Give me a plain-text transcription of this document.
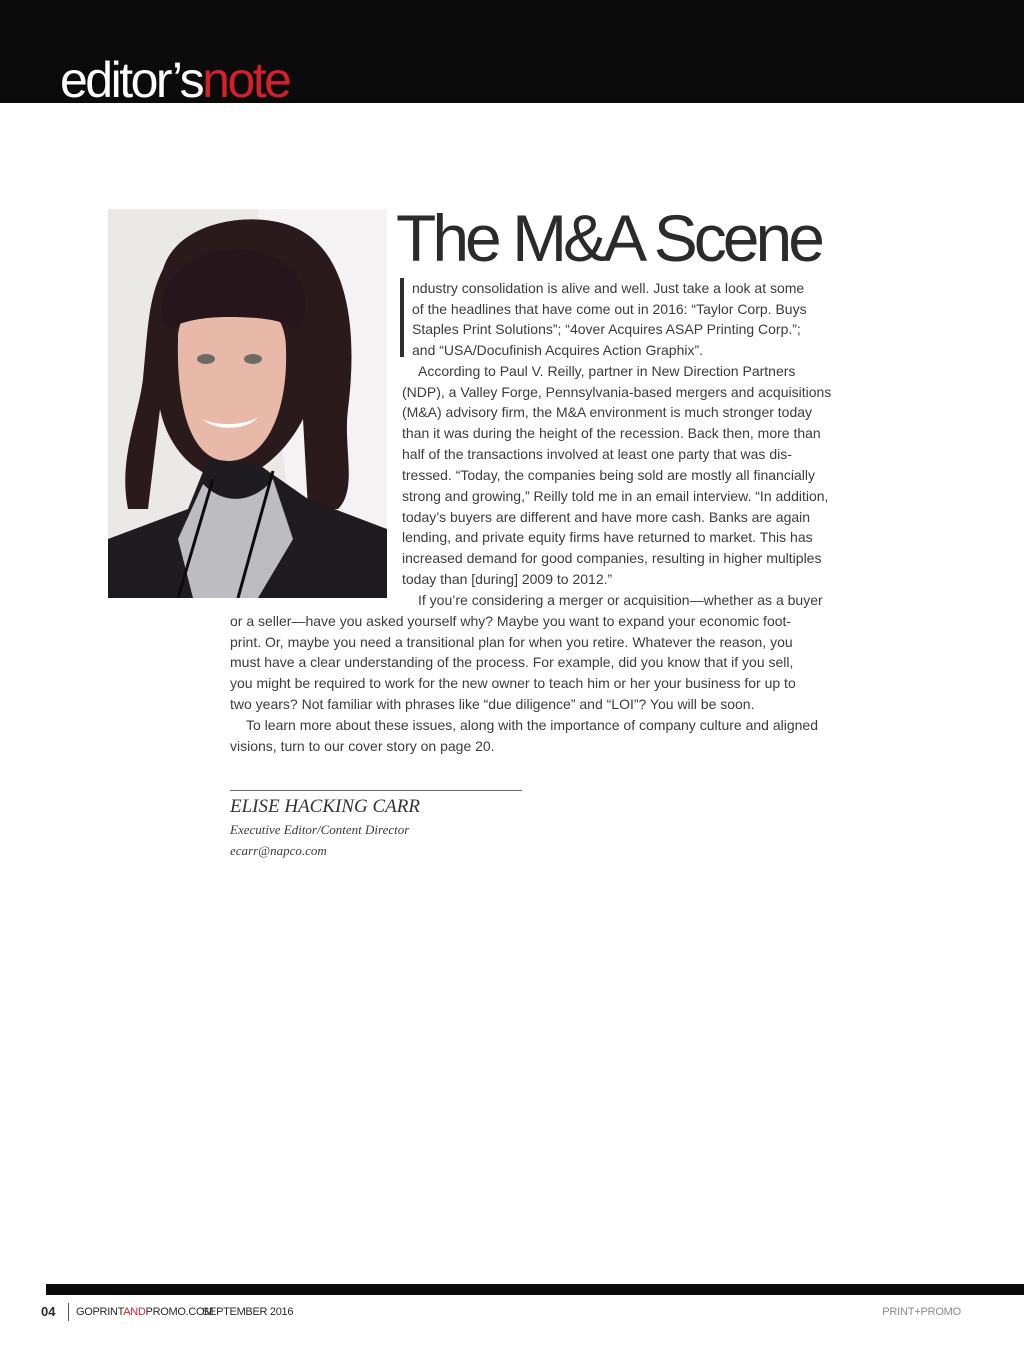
editor’snote
The M&A Scene

ndustry consolidation is alive and well. Just take a look at some

of the headlines that have come out in 2016: “Taylor Corp. Buys

Staples Print Solutions”; “4over Acquires ASAP Printing Corp.”;

and “USA/Docufinish Acquires Action Graphix”.

According to Paul V. Reilly, partner in New Direction Partners

(NDP), a Valley Forge, Pennsylvania-based mergers and acquisitions

(M&A) advisory firm, the M&A environment is much stronger today

than it was during the height of the recession. Back then, more than

half of the transactions involved at least one party that was dis-

tressed. “Today, the companies being sold are mostly all financially

strong and growing,” Reilly told me in an email interview. “In addition,

today’s buyers are different and have more cash. Banks are again

lending, and private equity firms have returned to market. This has

increased demand for good companies, resulting in higher multiples

today than [during] 2009 to 2012.”

If you’re considering a merger or acquisition—whether as a buyer

or a seller—have you asked yourself why? Maybe you want to expand your economic foot-

print. Or, maybe you need a transitional plan for when you retire. Whatever the reason, you

must have a clear understanding of the process. For example, did you know that if you sell,

you might be required to work for the new owner to teach him or her your business for up to

two years? Not familiar with phrases like “due diligence” and “LOI”? You will be soon.

To learn more about these issues, along with the importance of company culture and aligned

visions, turn to our cover story on page 20.

ELISE HACKING CARR
Executive Editor/Content Director
ecarr@napco.com
04 GOPRINTANDPROMO.COM
SEPTEMBER 2016	PRINT+PROMO
